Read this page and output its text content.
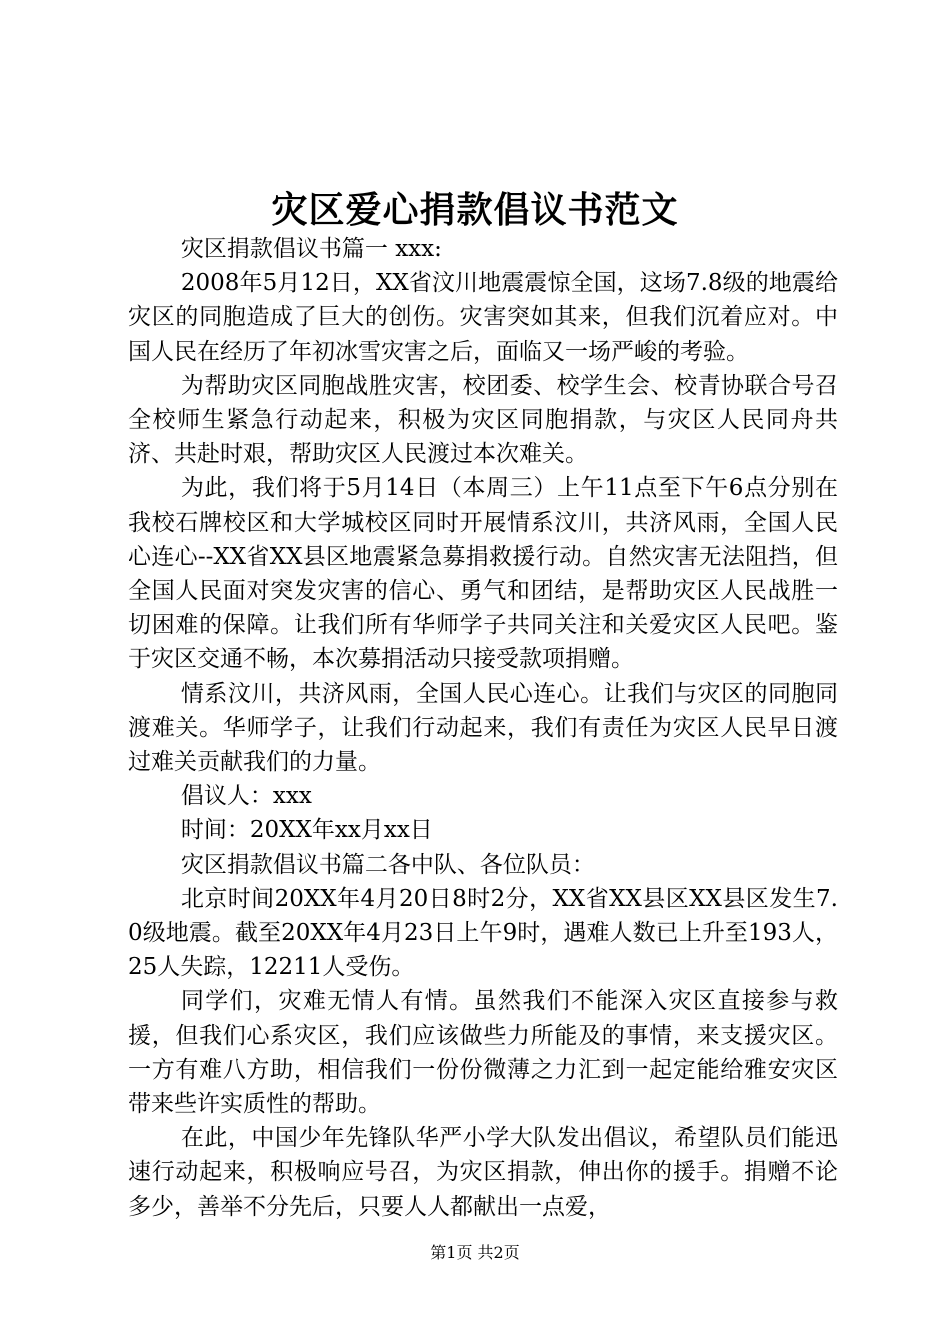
灾区爱心捐款倡议书范文

灾区捐款倡议书篇一 xxx:

2008年5月12日，XX省汶川地震震惊全国，这场7.8级的地震给灾区的同胞造成了巨大的创伤。灾害突如其来，但我们沉着应对。中国人民在经历了年初冰雪灾害之后，面临又一场严峻的考验。

为帮助灾区同胞战胜灾害，校团委、校学生会、校青协联合号召全校师生紧急行动起来，积极为灾区同胞捐款，与灾区人民同舟共济、共赴时艰，帮助灾区人民渡过本次难关。

为此，我们将于5月14日（本周三）上午11点至下午6点分别在我校石牌校区和大学城校区同时开展情系汶川，共济风雨，全国人民心连心--XX省XX县区地震紧急募捐救援行动。自然灾害无法阻挡，但全国人民面对突发灾害的信心、勇气和团结，是帮助灾区人民战胜一切困难的保障。让我们所有华师学子共同关注和关爱灾区人民吧。鉴于灾区交通不畅，本次募捐活动只接受款项捐赠。

情系汶川，共济风雨，全国人民心连心。让我们与灾区的同胞同渡难关。华师学子，让我们行动起来，我们有责任为灾区人民早日渡过难关贡献我们的力量。

倡议人：xxx

时间：20XX年xx月xx日

灾区捐款倡议书篇二各中队、各位队员：

北京时间20XX年4月20日8时2分，XX省XX县区XX县区发生7.0级地震。截至20XX年4月23日上午9时，遇难人数已上升至193人，25人失踪，12211人受伤。

同学们，灾难无情人有情。虽然我们不能深入灾区直接参与救援，但我们心系灾区，我们应该做些力所能及的事情，来支援灾区。一方有难八方助，相信我们一份份微薄之力汇到一起定能给雅安灾区带来些许实质性的帮助。

在此，中国少年先锋队华严小学大队发出倡议，希望队员们能迅速行动起来，积极响应号召，为灾区捐款，伸出你的援手。捐赠不论多少，善举不分先后，只要人人都献出一点爱，

第1页 共2页
